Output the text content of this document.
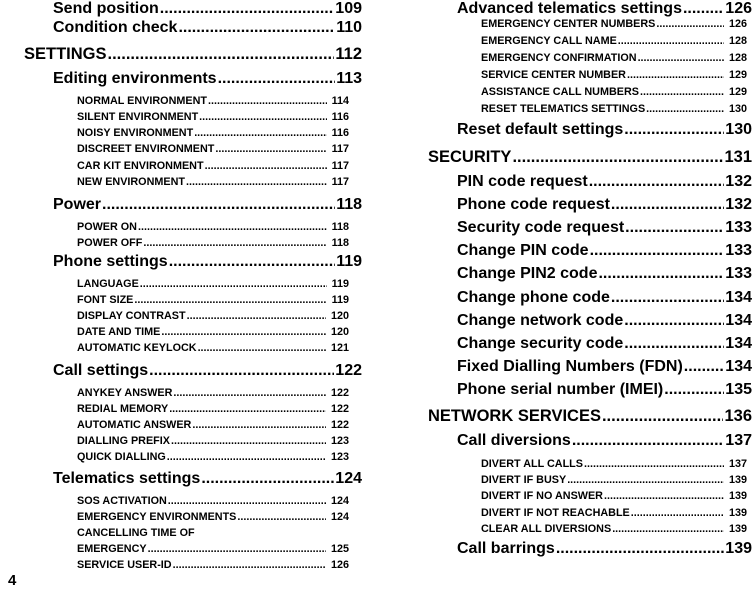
Send position .....	109
Condition check .....	110
SETTINGS .....	112
Editing environments .....	113
NORMAL ENVIRONMENT .....	114
SILENT ENVIRONMENT .....	116
NOISY ENVIRONMENT .....	116
DISCREET ENVIRONMENT .....	117
CAR KIT ENVIRONMENT .....	117
NEW ENVIRONMENT .....	117
Power .....	118
POWER ON .....	118
POWER OFF .....	118
Phone settings .....	119
LANGUAGE .....	119
FONT SIZE .....	119
DISPLAY CONTRAST .....	120
DATE AND TIME .....	120
AUTOMATIC KEYLOCK .....	121
Call settings .....	122
ANYKEY ANSWER .....	122
REDIAL MEMORY .....	122
AUTOMATIC ANSWER .....	122
DIALLING PREFIX .....	123
QUICK DIALLING .....	123
Telematics settings .....	124
SOS ACTIVATION .....	124
EMERGENCY ENVIRONMENTS .....	124
CANCELLING TIME OF
EMERGENCY .....	125
SERVICE USER-ID .....	126
Advanced telematics settings .....	126
EMERGENCY CENTER NUMBERS .....	126
EMERGENCY CALL NAME .....	128
EMERGENCY CONFIRMATION .....	128
SERVICE CENTER NUMBER .....	129
ASSISTANCE CALL NUMBERS .....	129
RESET TELEMATICS SETTINGS .....	130
Reset default settings .....	130
SECURITY .....	131
PIN code request .....	132
Phone code request .....	132
Security code request .....	133
Change PIN code .....	133
Change PIN2 code .....	133
Change phone code .....	134
Change network code .....	134
Change security code .....	134
Fixed Dialling Numbers (FDN) .....	134
Phone serial number (IMEI) .....	135
NETWORK SERVICES .....	136
Call diversions .....	137
DIVERT ALL CALLS .....	137
DIVERT IF BUSY .....	139
DIVERT IF NO ANSWER .....	139
DIVERT IF NOT REACHABLE .....	139
CLEAR ALL DIVERSIONS .....	139
Call barrings .....	139
4
